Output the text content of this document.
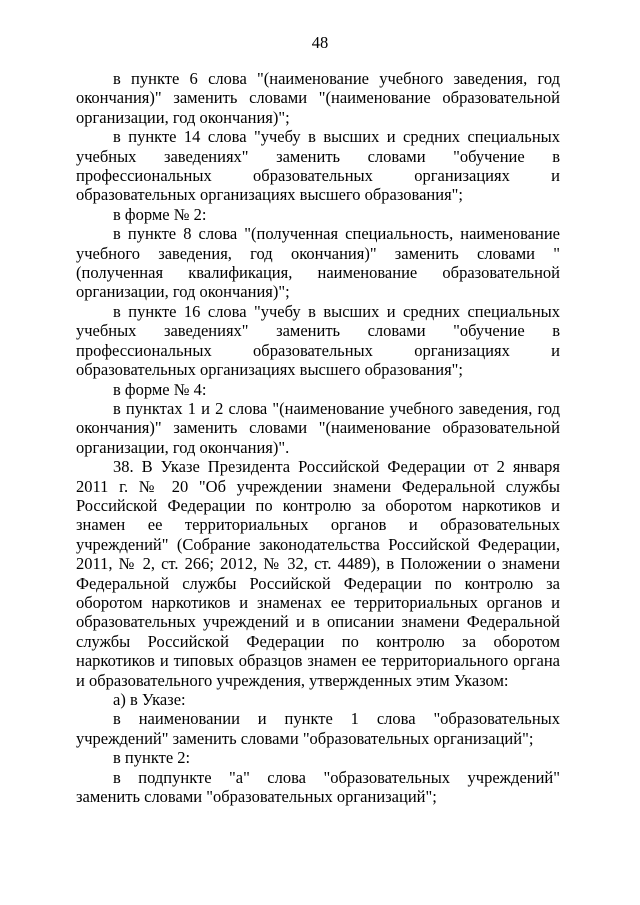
48

в пункте 6 слова "(наименование учебного заведения, год окончания)" заменить словами "(наименование образовательной организации, год окончания)";

в пункте 14 слова "учебу в высших и средних специальных учебных заведениях" заменить словами "обучение в профессиональных образовательных организациях и образовательных организациях высшего образования";

в форме № 2:

в пункте 8 слова "(полученная специальность, наименование учебного заведения, год окончания)" заменить словами "(полученная квалификация, наименование образовательной организации, год окончания)";

в пункте 16 слова "учебу в высших и средних специальных учебных заведениях" заменить словами "обучение в профессиональных образовательных организациях и образовательных организациях высшего образования";

в форме № 4:

в пунктах 1 и 2 слова "(наименование учебного заведения, год окончания)" заменить словами "(наименование образовательной организации, год окончания)".

38. В Указе Президента Российской Федерации от 2 января 2011 г. № 20 "Об учреждении знамени Федеральной службы Российской Федерации по контролю за оборотом наркотиков и знамен ее территориальных органов и образовательных учреждений" (Собрание законодательства Российской Федерации, 2011, № 2, ст. 266; 2012, № 32, ст. 4489), в Положении о знамени Федеральной службы Российской Федерации по контролю за оборотом наркотиков и знаменах ее территориальных органов и образовательных учреждений и в описании знамени Федеральной службы Российской Федерации по контролю за оборотом наркотиков и типовых образцов знамен ее территориального органа и образовательного учреждения, утвержденных этим Указом:

а) в Указе:

в наименовании и пункте 1 слова "образовательных учреждений" заменить словами "образовательных организаций";

в пункте 2:

в подпункте "а" слова "образовательных учреждений" заменить словами "образовательных организаций";
